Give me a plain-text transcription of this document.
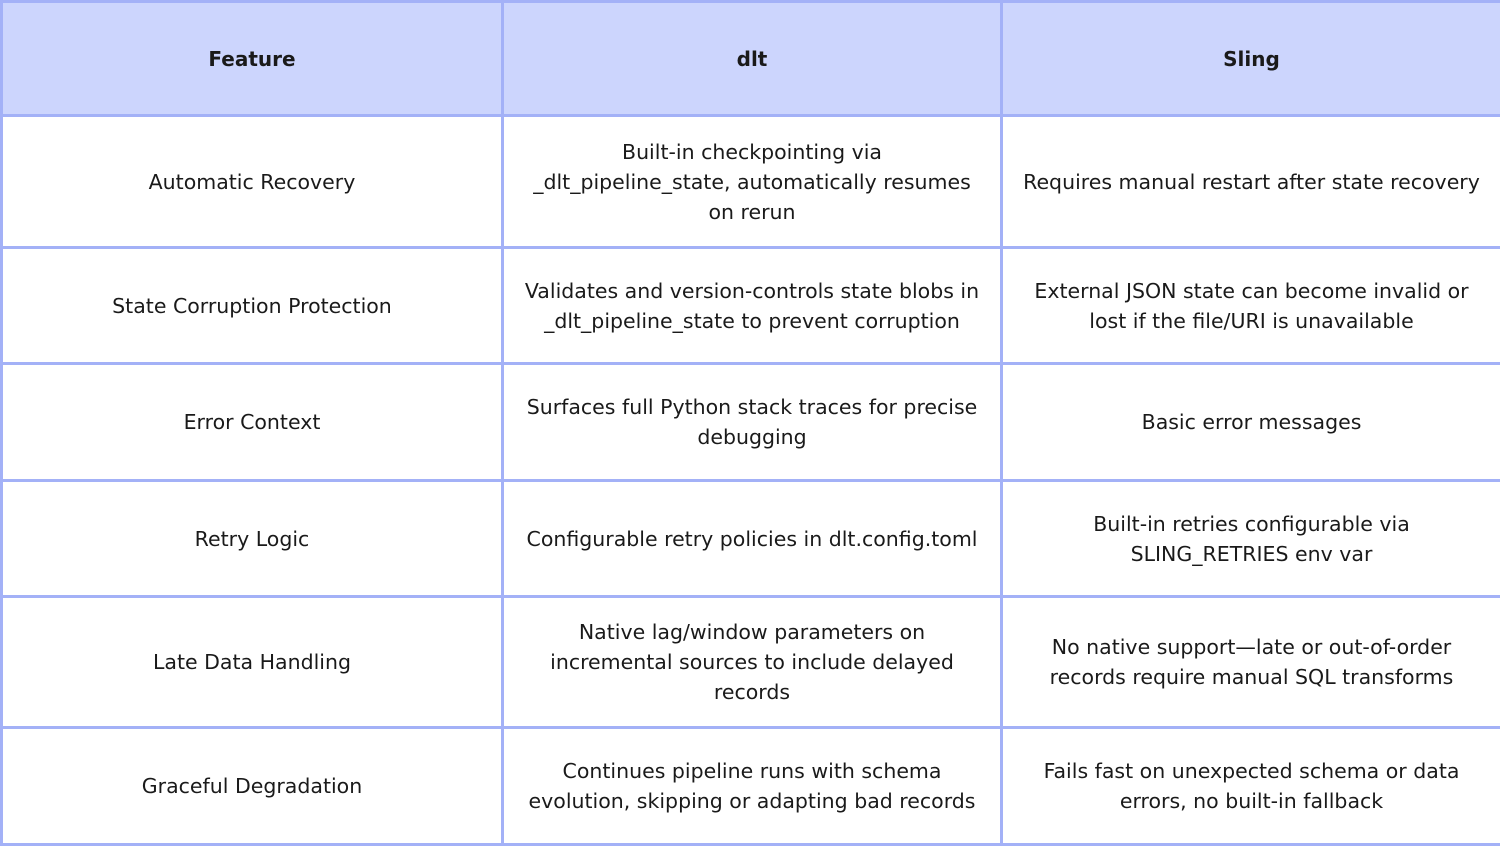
Feature	dlt	Sling
Automatic Recovery	Built-in checkpointing via _dlt_pipeline_state, automatically resumes on rerun	Requires manual restart after state recovery
State Corruption Protection	Validates and version-controls state blobs in _dlt_pipeline_state to prevent corruption	External JSON state can become invalid or lost if the file/URI is unavailable
Error Context	Surfaces full Python stack traces for precise debugging	Basic error messages
Retry Logic	Configurable retry policies in dlt.config.toml	Built-in retries configurable via SLING_RETRIES env var
Late Data Handling	Native lag/window parameters on incremental sources to include delayed records	No native support—late or out-of-order records require manual SQL transforms
Graceful Degradation	Continues pipeline runs with schema evolution, skipping or adapting bad records	Fails fast on unexpected schema or data errors, no built-in fallback
